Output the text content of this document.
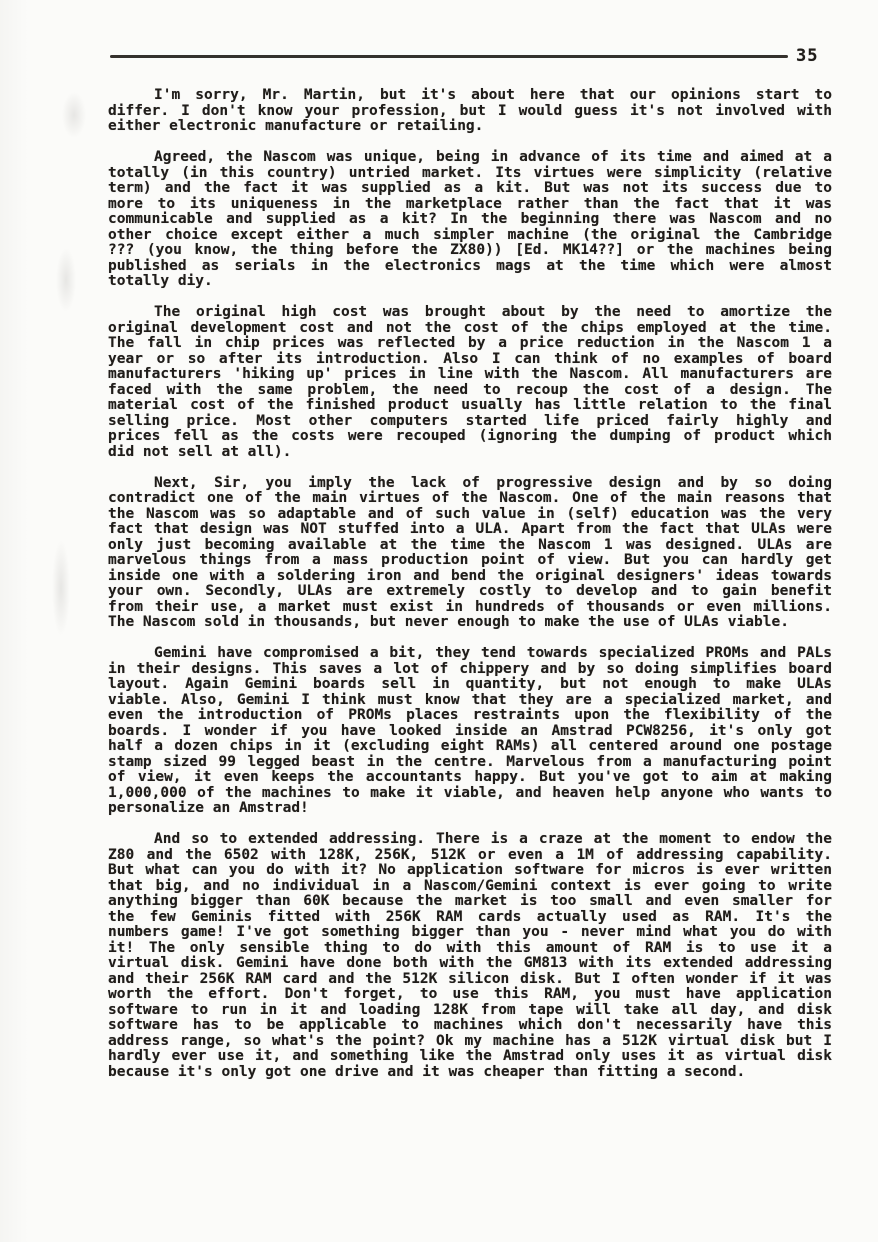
35
I'm sorry, Mr. Martin, but it's about here that our opinions start to
differ. I don't know your profession, but I would guess it's not involved with
either electronic manufacture or retailing.
Agreed, the Nascom was unique, being in advance of its time and aimed at a
totally (in this country) untried market. Its virtues were simplicity (relative
term) and the fact it was supplied as a kit. But was not its success due to
more to its uniqueness in the marketplace rather than the fact that it was
communicable and supplied as a kit? In the beginning there was Nascom and no
other choice except either a much simpler machine (the original the Cambridge
??? (you know, the thing before the ZX80)) [Ed. MK14??] or the machines being
published as serials in the electronics mags at the time which were almost
totally diy.
The original high cost was brought about by the need to amortize the
original development cost and not the cost of the chips employed at the time.
The fall in chip prices was reflected by a price reduction in the Nascom 1 a
year or so after its introduction. Also I can think of no examples of board
manufacturers 'hiking up' prices in line with the Nascom. All manufacturers are
faced with the same problem, the need to recoup the cost of a design. The
material cost of the finished product usually has little relation to the final
selling price. Most other computers started life priced fairly highly and
prices fell as the costs were recouped (ignoring the dumping of product which
did not sell at all).
Next, Sir, you imply the lack of progressive design and by so doing
contradict one of the main virtues of the Nascom. One of the main reasons that
the Nascom was so adaptable and of such value in (self) education was the very
fact that design was NOT stuffed into a ULA. Apart from the fact that ULAs were
only just becoming available at the time the Nascom 1 was designed. ULAs are
marvelous things from a mass production point of view. But you can hardly get
inside one with a soldering iron and bend the original designers' ideas towards
your own. Secondly, ULAs are extremely costly to develop and to gain benefit
from their use, a market must exist in hundreds of thousands or even millions.
The Nascom sold in thousands, but never enough to make the use of ULAs viable.
Gemini have compromised a bit, they tend towards specialized PROMs and PALs
in their designs. This saves a lot of chippery and by so doing simplifies board
layout. Again Gemini boards sell in quantity, but not enough to make ULAs
viable. Also, Gemini I think must know that they are a specialized market, and
even the introduction of PROMs places restraints upon the flexibility of the
boards. I wonder if you have looked inside an Amstrad PCW8256, it's only got
half a dozen chips in it (excluding eight RAMs) all centered around one postage
stamp sized 99 legged beast in the centre. Marvelous from a manufacturing point
of view, it even keeps the accountants happy. But you've got to aim at making
1,000,000 of the machines to make it viable, and heaven help anyone who wants to
personalize an Amstrad!
And so to extended addressing. There is a craze at the moment to endow the
Z80 and the 6502 with 128K, 256K, 512K or even a 1M of addressing capability.
But what can you do with it? No application software for micros is ever written
that big, and no individual in a Nascom/Gemini context is ever going to write
anything bigger than 60K because the market is too small and even smaller for
the few Geminis fitted with 256K RAM cards actually used as RAM. It's the
numbers game! I've got something bigger than you - never mind what you do with
it! The only sensible thing to do with this amount of RAM is to use it a
virtual disk. Gemini have done both with the GM813 with its extended addressing
and their 256K RAM card and the 512K silicon disk. But I often wonder if it was
worth the effort. Don't forget, to use this RAM, you must have application
software to run in it and loading 128K from tape will take all day, and disk
software has to be applicable to machines which don't necessarily have this
address range, so what's the point? Ok my machine has a 512K virtual disk but I
hardly ever use it, and something like the Amstrad only uses it as virtual disk
because it's only got one drive and it was cheaper than fitting a second.
